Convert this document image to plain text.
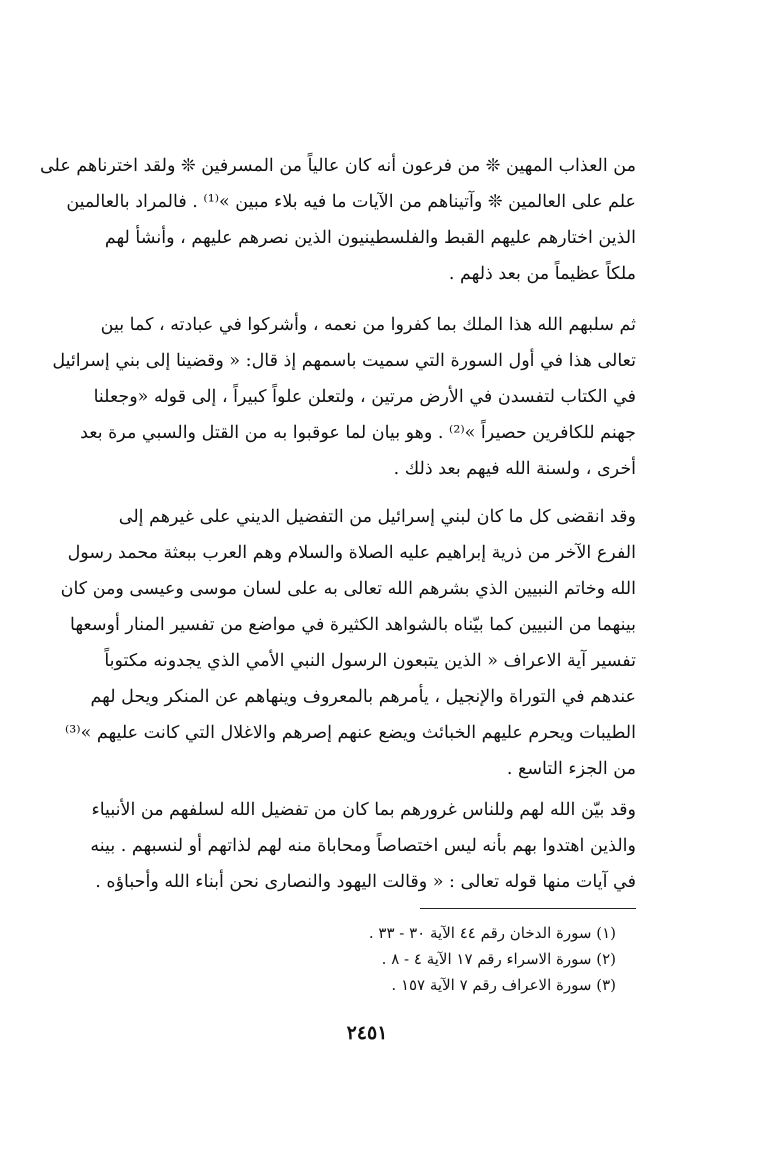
من العذاب المهين ❊ من فرعون أنه كان عالياً من المسرفين ❊ ولقد اخترناهم على
علم على العالمين ❊ وآتيناهم من الآيات ما فيه بلاء مبين »⁽¹⁾ . فالمراد بالعالمين
الذين اختارهم عليهم القبط والفلسطينيون الذين نصرهم عليهم ، وأنشأ لهم
ملكاً عظيماً من بعد ذلهم .
ثم سلبهم الله هذا الملك بما كفروا من نعمه ، وأشركوا في عبادته ، كما بين
تعالى هذا في أول السورة التي سميت باسمهم إذ قال: « وقضينا إلى بني إسرائيل
في الكتاب لتفسدن في الأرض مرتين ، ولتعلن علواً كبيراً ، إلى قوله «وجعلنا
جهنم للكافرين حصيراً »⁽²⁾ . وهو بيان لما عوقبوا به من القتل والسبي مرة بعد
أخرى ، ولسنة الله فيهم بعد ذلك .
وقد انقضى كل ما كان لبني إسرائيل من التفضيل الديني على غيرهم إلى
الفرع الآخر من ذرية إبراهيم عليه الصلاة والسلام وهم العرب ببعثة محمد رسول
الله وخاتم النبيين الذي بشرهم الله تعالى به على لسان موسى وعيسى ومن كان
بينهما من النبيين كما بيّناه بالشواهد الكثيرة في مواضع من تفسير المنار أوسعها
تفسير آية الاعراف « الذين يتبعون الرسول النبي الأمي الذي يجدونه مكتوباً
عندهم في التوراة والإنجيل ، يأمرهم بالمعروف وينهاهم عن المنكر ويحل لهم
الطيبات ويحرم عليهم الخبائث ويضع عنهم إصرهم والاغلال التي كانت عليهم »⁽³⁾
من الجزء التاسع .
وقد بيّن الله لهم وللناس غرورهم بما كان من تفضيل الله لسلفهم من الأنبياء
والذين اهتدوا بهم بأنه ليس اختصاصاً ومحاباة منه لهم لذاتهم أو لنسبهم . بينه
في آيات منها قوله تعالى : « وقالت اليهود والنصارى نحن أبناء الله وأحباؤه .
(١) سورة الدخان رقم ٤٤ الآية ٣٠ - ٣٣ .
(٢) سورة الاسراء رقم ١٧ الآية ٤ - ٨ .
(٣) سورة الاعراف رقم ٧ الآية ١٥٧ .
٢٤٥١
